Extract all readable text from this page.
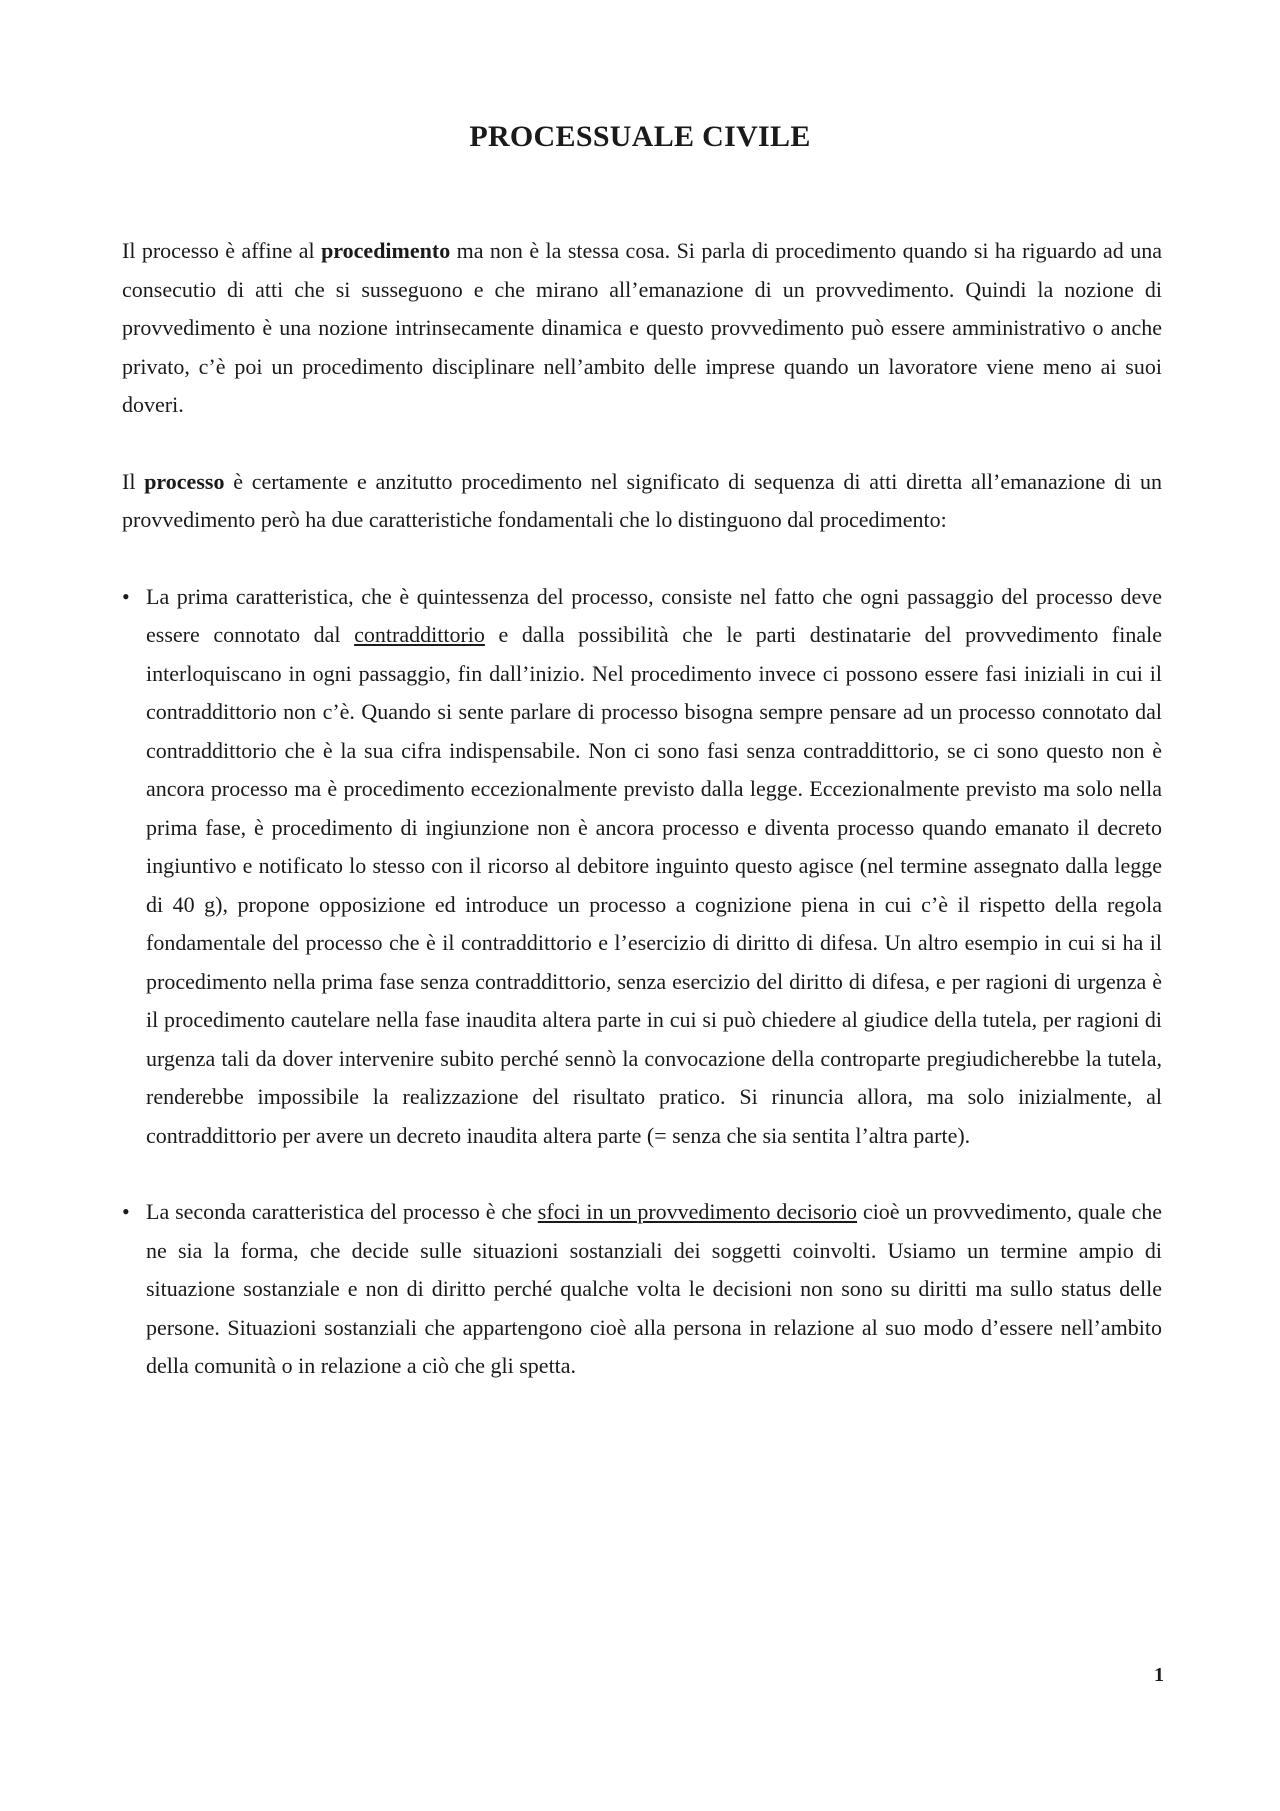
PROCESSUALE CIVILE

Il processo è affine al procedimento ma non è la stessa cosa. Si parla di procedimento quando si ha riguardo ad una consecutio di atti che si susseguono e che mirano all’emanazione di un provvedimento. Quindi la nozione di provvedimento è una nozione intrinsecamente dinamica e questo provvedimento può essere amministrativo o anche privato, c’è poi un procedimento disciplinare nell’ambito delle imprese quando un lavoratore viene meno ai suoi doveri.

Il processo è certamente e anzitutto procedimento nel significato di sequenza di atti diretta all’emanazione di un provvedimento però ha due caratteristiche fondamentali che lo distinguono dal procedimento:

• La prima caratteristica, che è quintessenza del processo, consiste nel fatto che ogni passaggio del processo deve essere connotato dal contraddittorio e dalla possibilità che le parti destinatarie del provvedimento finale interloquiscano in ogni passaggio, fin dall’inizio. Nel procedimento invece ci possono essere fasi iniziali in cui il contraddittorio non c’è. Quando si sente parlare di processo bisogna sempre pensare ad un processo connotato dal contraddittorio che è la sua cifra indispensabile. Non ci sono fasi senza contraddittorio, se ci sono questo non è ancora processo ma è procedimento eccezionalmente previsto dalla legge. Eccezionalmente previsto ma solo nella prima fase, è procedimento di ingiunzione non è ancora processo e diventa processo quando emanato il decreto ingiuntivo e notificato lo stesso con il ricorso al debitore inguinto questo agisce (nel termine assegnato dalla legge di 40 g), propone opposizione ed introduce un processo a cognizione piena in cui c’è il rispetto della regola fondamentale del processo che è il contraddittorio e l’esercizio di diritto di difesa. Un altro esempio in cui si ha il procedimento nella prima fase senza contraddittorio, senza esercizio del diritto di difesa, e per ragioni di urgenza è il procedimento cautelare nella fase inaudita altera parte in cui si può chiedere al giudice della tutela, per ragioni di urgenza tali da dover intervenire subito perché sennò la convocazione della controparte pregiudicherebbe la tutela, renderebbe impossibile la realizzazione del risultato pratico. Si rinuncia allora, ma solo inizialmente, al contraddittorio per avere un decreto inaudita altera parte (= senza che sia sentita l’altra parte).
• La seconda caratteristica del processo è che sfoci in un provvedimento decisorio cioè un provvedimento, quale che ne sia la forma, che decide sulle situazioni sostanziali dei soggetti coinvolti. Usiamo un termine ampio di situazione sostanziale e non di diritto perché qualche volta le decisioni non sono su diritti ma sullo status delle persone. Situazioni sostanziali che appartengono cioè alla persona in relazione al suo modo d’essere nell’ambito della comunità o in relazione a ciò che gli spetta.
1
